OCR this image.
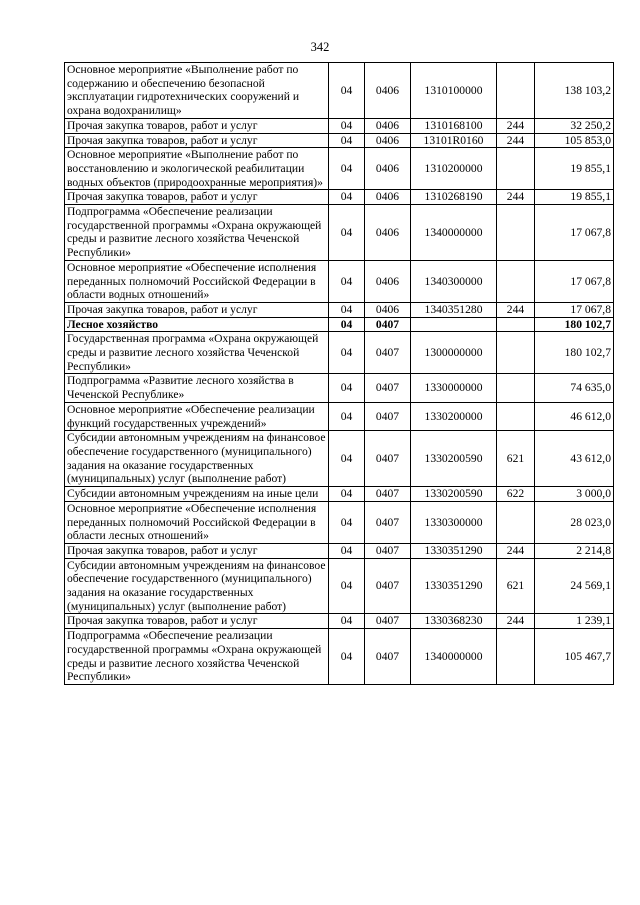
342
Основное мероприятие «Выполнение работ по содержанию и обеспечению безопасной эксплуатации гидротехнических сооружений и охрана водохранилищ»	04	0406	1310100000		138 103,2
Прочая закупка товаров, работ и услуг	04	0406	1310168100	244	32 250,2
Прочая закупка товаров, работ и услуг	04	0406	13101R0160	244	105 853,0
Основное мероприятие «Выполнение работ по восстановлению и экологической реабилитации водных объектов (природоохранные мероприятия)»	04	0406	1310200000		19 855,1
Прочая закупка товаров, работ и услуг	04	0406	1310268190	244	19 855,1
Подпрограмма «Обеспечение реализации государственной программы «Охрана окружающей среды и развитие лесного хозяйства Чеченской Республики»	04	0406	1340000000		17 067,8
Основное мероприятие «Обеспечение исполнения переданных полномочий Российской Федерации в области водных отношений»	04	0406	1340300000		17 067,8
Прочая закупка товаров, работ и услуг	04	0406	1340351280	244	17 067,8
Лесное хозяйство	04	0407			180 102,7
Государственная программа «Охрана окружающей среды и развитие лесного хозяйства Чеченской Республики»	04	0407	1300000000		180 102,7
Подпрограмма «Развитие лесного хозяйства в Чеченской Республике»	04	0407	1330000000		74 635,0
Основное мероприятие «Обеспечение реализации функций государственных учреждений»	04	0407	1330200000		46 612,0
Субсидии автономным учреждениям на финансовое обеспечение государственного (муниципального) задания на оказание государственных (муниципальных) услуг (выполнение работ)	04	0407	1330200590	621	43 612,0
Субсидии автономным учреждениям на иные цели	04	0407	1330200590	622	3 000,0
Основное мероприятие «Обеспечение исполнения переданных полномочий Российской Федерации в области лесных отношений»	04	0407	1330300000		28 023,0
Прочая закупка товаров, работ и услуг	04	0407	1330351290	244	2 214,8
Субсидии автономным учреждениям на финансовое обеспечение государственного (муниципального) задания на оказание государственных (муниципальных) услуг (выполнение работ)	04	0407	1330351290	621	24 569,1
Прочая закупка товаров, работ и услуг	04	0407	1330368230	244	1 239,1
Подпрограмма «Обеспечение реализации государственной программы «Охрана окружающей среды и развитие лесного хозяйства Чеченской Республики»	04	0407	1340000000		105 467,7
